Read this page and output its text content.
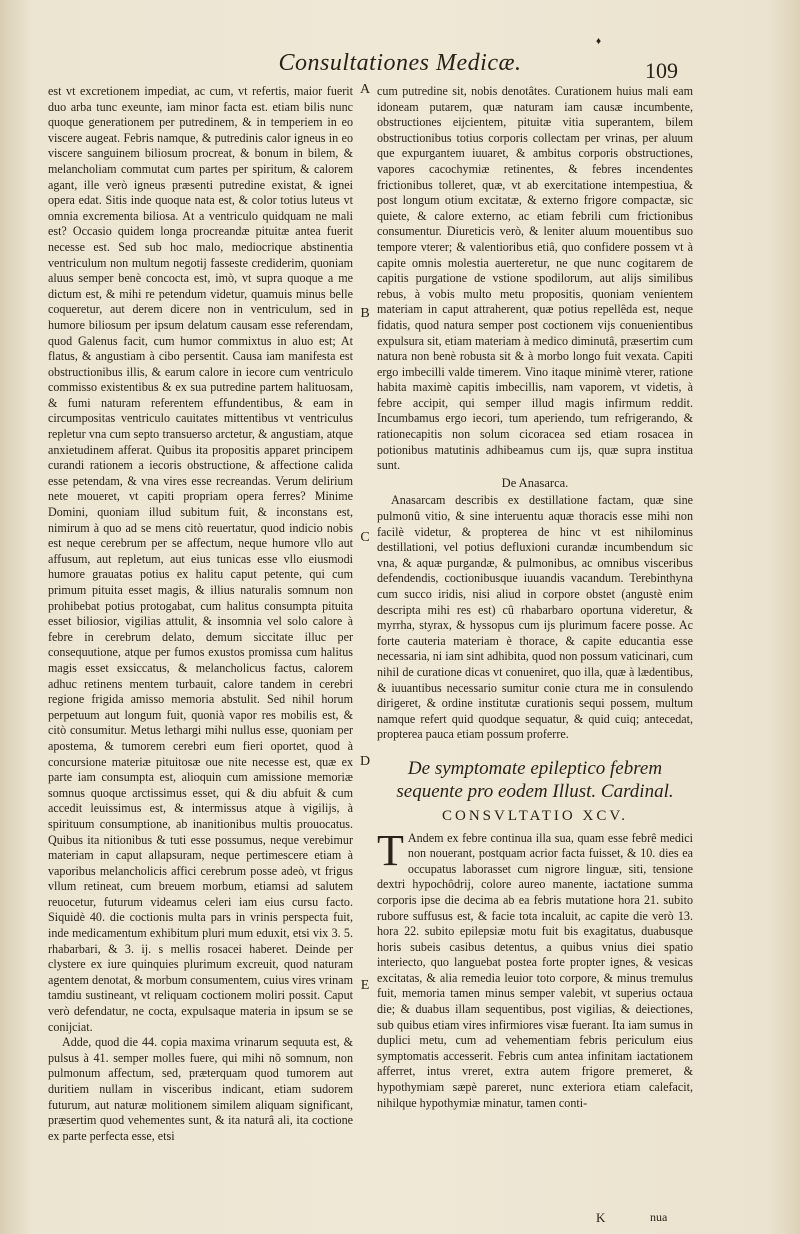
♦
Consultationes Medicæ.	109

est vt excretionem impediat, ac cum, vt refertis, maior fuerit duo arba tunc exeunte, iam minor facta est. etiam bilis nunc quoque generationem per putredinem, & in temperiem in eo viscere augeat. Febris namque, & putredinis calor igneus in eo viscere sanguinem biliosum procreat, & bonum in bilem, & melancholiam commutat cum partes per spiritum, & calorem agant, ille verò igneus præsenti putredine existat, & ignei opera edat. Sitis inde quoque nata est, & color totius luteus vt omnia excrementa biliosa. At a ventriculo quidquam ne mali est? Occasio quidem longa procreandæ pituitæ antea fuerit necesse est. Sed sub hoc malo, mediocrique abstinentia ventriculum non multum negotij fasseste crediderim, quoniam aluus semper benè concocta est, imò, vt supra quoque a me dictum est, & mihi re petendum videtur, quamuis minus belle coqueretur, aut derem dicere non in ventriculum, sed in humore biliosum per ipsum delatum causam esse referendam, quod Galenus facit, cum humor commixtus in aluo est; At flatus, & angustiam à cibo persentit. Causa iam manifesta est obstructionibus illis, & earum calore in iecore cum ventriculo commisso existentibus & ex sua putredine partem halituosam, & fumi naturam referentem effundentibus, & eam in circumpositas ventriculo cauitates mittentibus vt ventriculus repletur vna cum septo transuerso arctetur, & angustiam, atque anxietudinem afferat. Quibus ita propositis apparet principem curandi rationem a iecoris obstructione, & affectione calida esse petendam, & vna vires esse recreandas. Verum delirium nete moueret, vt capiti propriam opera ferres? Minime Domini, quoniam illud subitum fuit, & inconstans est, nimirum à quo ad se mens citò reuertatur, quod indicio nobis est neque cerebrum per se affectum, neque humore vllo aut affusum, aut repletum, aut eius tunicas esse vllo eiusmodi humore grauatas potius ex halitu caput petente, qui cum primum pituita esset magis, & illius naturalis somnum non prohibebat potius protogabat, cum halitus consumpta pituita esset biliosior, vigilias attulit, & insomnia vel solo calore à febre in cerebrum delato, demum siccitate illuc per consequutione, atque per fumos exustos promissa cum halitus magis esset exsiccatus, & melancholicus factus, calorem adhuc retinens mentem turbauit, calore tandem in cerebri regione frigida amisso memoria abstulit. Sed nihil horum perpetuum aut longum fuit, quonià vapor res mobilis est, & citò consumitur. Metus lethargi mihi nullus esse, quoniam per apostema, & tumorem cerebri eum fieri oportet, quod à concursione materiæ pituitosæ oue nite necesse est, quæ ex parte iam consumpta est, alioquin cum amissione memoriæ somnus quoque arctissimus esset, qui & diu abfuit & cum accedit leuissimus est, & intermissus atque à vigilijs, à spirituum consumptione, ab inanitionibus multis prouocatus. Quibus ita nitionibus & tuti esse possumus, neque verebimur materiam in caput allapsuram, neque pertimescere etiam à vaporibus melancholicis affici cerebrum posse adeò, vt frigus vllum retineat, cum breuem morbum, etiamsi ad salutem reuocetur, futurum videamus celeri iam eius cursu facto. Siquidè 40. die coctionis multa pars in vrinis perspecta fuit, inde medicamentum exhibitum pluri mum eduxit, etsi vix 3. 5. rhabarbari, & 3. ij. s mellis rosacei haberet. Deinde per clystere ex iure quinquies plurimum excreuit, quod naturam agentem denotat, & morbum consumentem, cuius vires vrinam tamdiu sustineant, vt reliquam coctionem moliri possit. Caput verò defendatur, ne cocta, expulsaque materia in ipsum se se conijciat.

Adde, quod die 44. copia maxima vrinarum sequuta est, & pulsus à 41. semper molles fuere, qui mihi nõ somnum, non pulmonum affectum, sed, præterquam quod tumorem aut duritiem nullam in visceribus indicant, etiam sudorem futurum, aut naturæ molitionem similem aliquam significant, præsertim quod vehementes sunt, & ita naturâ ali, ita coctione ex parte perfecta esse, etsi

A
B
C
D
E

cum putredine sit, nobis denotâtes. Curationem huius mali eam idoneam putarem, quæ naturam iam causæ incumbente, obstructiones eijcientem, pituitæ vitia superantem, bilem obstructionibus totius corporis collectam per vrinas, per aluum que expurgantem iuuaret, & ambitus corporis obstructiones, vapores cacochymiæ retinentes, & febres incendentes frictionibus tolleret, quæ, vt ab exercitatione intempestiua, & post longum otium excitatæ, & externo frigore compactæ, sic quiete, & calore externo, ac etiam febrili cum frictionibus consumentur. Diureticis verò, & leniter aluum mouentibus suo tempore vterer; & valentioribus etiâ, quo confidere possem vt à capite omnis molestia auerteretur, ne que nunc cogitarem de capitis purgatione de vstione spodilorum, aut alijs similibus rebus, à vobis multo metu propositis, quoniam venientem materiam in caput attraherent, quæ potius repellêda est, neque fidatis, quod natura semper post coctionem vijs conuenientibus expulsura sit, etiam materiam à medico diminutâ, præsertim cum natura non benè robusta sit & à morbo longo fuit vexata. Capiti ergo imbecilli valde timerem. Vino itaque minimè vterer, ratione habita maximè capitis imbecillis, nam vaporem, vt videtis, à febre accipit, qui semper illud magis infirmum reddit. Incumbamus ergo iecori, tum aperiendo, tum refrigerando, & rationecapitis non solum cicoracea sed etiam rosacea in potionibus matutinis adhibeamus cum ijs, quæ supra institua sunt.

De Anasarca.

Anasarcam describis ex destillatione factam, quæ sine pulmonû vitio, & sine interuentu aquæ thoracis esse mihi non facilè videtur, & propterea de hinc vt est nihilominus destillationi, vel potius defluxioni curandæ incumbendum sic vna, & aquæ purgandæ, & pulmonibus, ac omnibus visceribus defendendis, coctionibusque iuuandis vacandum. Terebinthyna cum succo iridis, nisi aliud in corpore obstet (angustè enim descripta mihi res est) cû rhabarbaro oportuna videretur, & myrrha, styrax, & hyssopus cum ijs plurimum facere posse. Ac forte cauteria materiam è thorace, & capite educantia esse necessaria, ni iam sint adhibita, quod non possum vaticinari, cum nihil de curatione dicas vt conueniret, quo illa, quæ à lædentibus, & iuuantibus necessario sumitur conie ctura me in consulendo dirigeret, & ordine institutæ curationis sequi possem, multum namque refert quid quodque sequatur, & quid cuiq; antecedat, propterea pauca etiam possum proferre.

De symptomate epileptico febrem sequente pro eodem Illust. Cardinal.
CONSVLTATIO XCV.

T Andem ex febre continua illa sua, quam esse febrê medici non nouerant, postquam acrior facta fuisset, & 10. dies ea occupatus laborasset cum nigrore linguæ, siti, tensione dextri hypochôdrij, colore aureo manente, iactatione summa corporis ipse die decima ab ea febris mutatione hora 21. subito rubore suffusus est, & facie tota incaluit, ac capite die verò 13. hora 22. subito epilepsiæ motu fuit bis exagitatus, duabusque horis subeis casibus detentus, a quibus vnius diei spatio interiecto, quo languebat postea forte propter ignes, & vesicas excitatas, & alia remedia leuior toto corpore, & minus tremulus fuit, memoria tamen minus semper valebit, vt superius octaua die; & duabus illam sequentibus, post vigilias, & deiectiones, sub quibus etiam vires infirmiores visæ fuerant. Ita iam sumus in duplici metu, cum ad vehementiam febris periculum eius symptomatis accesserit. Febris cum antea infinitam iactationem afferret, intus vreret, extra autem frigore premeret, & hypothymiam sæpè pareret, nunc exteriora etiam calefacit, nihilque hypothymiæ minatur, tamen conti-

K	nua
